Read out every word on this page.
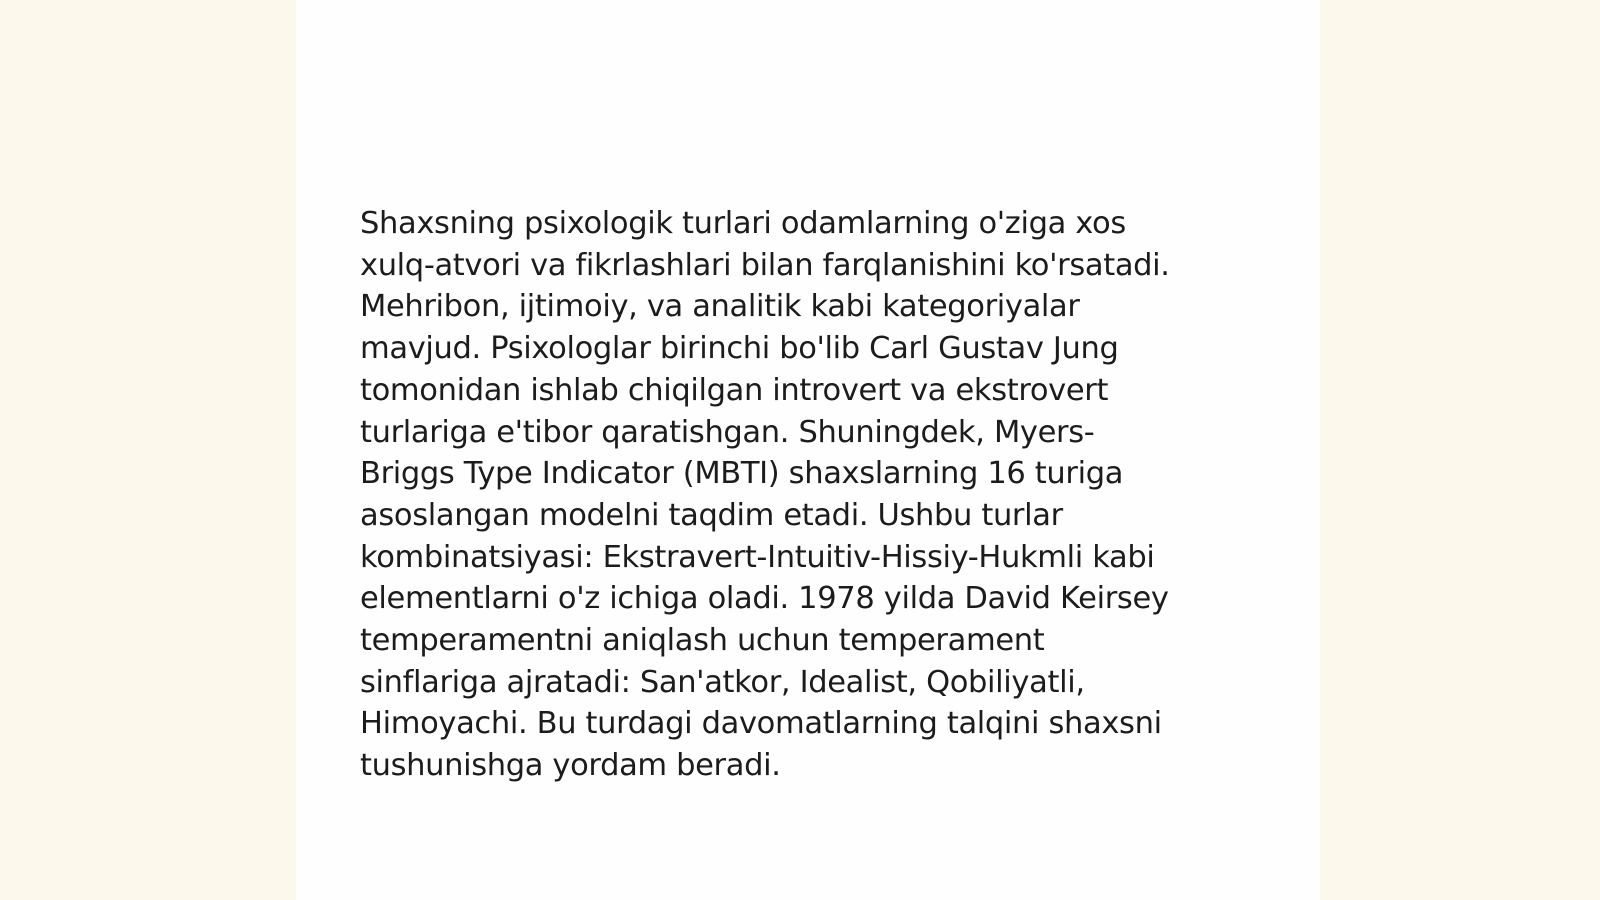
Shaxsning psixologik turlari odamlarning o'ziga xos
xulq-atvori va fikrlashlari bilan farqlanishini ko'rsatadi.
Mehribon, ijtimoiy, va analitik kabi kategoriyalar
mavjud. Psixologlar birinchi bo'lib Carl Gustav Jung
tomonidan ishlab chiqilgan introvert va ekstrovert
turlariga e'tibor qaratishgan. Shuningdek, Myers-
Briggs Type Indicator (MBTI) shaxslarning 16 turiga
asoslangan modelni taqdim etadi. Ushbu turlar
kombinatsiyasi: Ekstravert-Intuitiv-Hissiy-Hukmli kabi
elementlarni o'z ichiga oladi. 1978 yilda David Keirsey
temperamentni aniqlash uchun temperament
sinflariga ajratadi: San'atkor, Idealist, Qobiliyatli,
Himoyachi. Bu turdagi davomatlarning talqini shaxsni
tushunishga yordam beradi.
